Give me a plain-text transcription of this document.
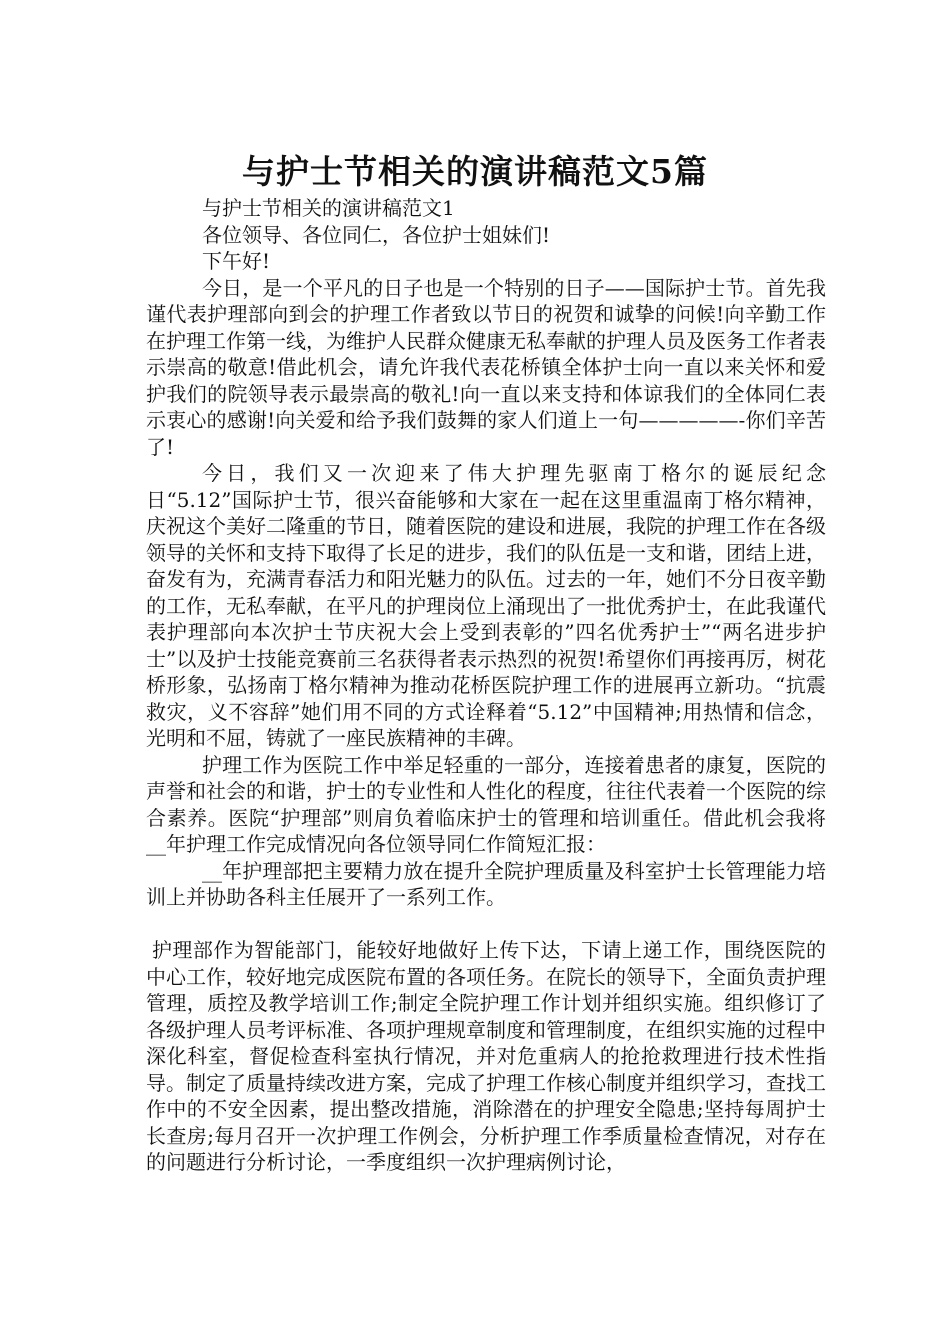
与护士节相关的演讲稿范文5篇

与护士节相关的演讲稿范文1

各位领导、各位同仁，各位护士姐妹们!

下午好!

今日，是一个平凡的日子也是一个特别的日子——国际护士节。首先我谨代表护理部向到会的护理工作者致以节日的祝贺和诚挚的问候!向辛勤工作在护理工作第一线，为维护人民群众健康无私奉献的护理人员及医务工作者表示崇高的敬意!借此机会，请允许我代表花桥镇全体护士向一直以来关怀和爱护我们的院领导表示最崇高的敬礼!向一直以来支持和体谅我们的全体同仁表示衷心的感谢!向关爱和给予我们鼓舞的家人们道上一句—————-你们辛苦了!

今日，我们又一次迎来了伟大护理先驱南丁格尔的诞辰纪念日“5.12”国际护士节，很兴奋能够和大家在一起在这里重温南丁格尔精神，庆祝这个美好二隆重的节日，随着医院的建设和进展，我院的护理工作在各级领导的关怀和支持下取得了长足的进步，我们的队伍是一支和谐，团结上进，奋发有为，充满青春活力和阳光魅力的队伍。过去的一年，她们不分日夜辛勤的工作，无私奉献，在平凡的护理岗位上涌现出了一批优秀护士，在此我谨代表护理部向本次护士节庆祝大会上受到表彰的”四名优秀护士”“两名进步护士”以及护士技能竞赛前三名获得者表示热烈的祝贺!希望你们再接再厉，树花桥形象，弘扬南丁格尔精神为推动花桥医院护理工作的进展再立新功。“抗震救灾，义不容辞”她们用不同的方式诠释着“5.12”中国精神;用热情和信念，光明和不屈，铸就了一座民族精神的丰碑。

护理工作为医院工作中举足轻重的一部分，连接着患者的康复，医院的声誉和社会的和谐，护士的专业性和人性化的程度，往往代表着一个医院的综合素养。医院“护理部”则肩负着临床护士的管理和培训重任。借此机会我将__年护理工作完成情况向各位领导同仁作简短汇报：

__年护理部把主要精力放在提升全院护理质量及科室护士长管理能力培训上并协助各科主任展开了一系列工作。

护理部作为智能部门，能较好地做好上传下达，下请上递工作，围绕医院的中心工作，较好地完成医院布置的各项任务。在院长的领导下，全面负责护理管理，质控及教学培训工作;制定全院护理工作计划并组织实施。组织修订了各级护理人员考评标准、各项护理规章制度和管理制度，在组织实施的过程中深化科室，督促检查科室执行情况，并对危重病人的抢抢救理进行技术性指导。制定了质量持续改进方案，完成了护理工作核心制度并组织学习，查找工作中的不安全因素，提出整改措施，消除潜在的护理安全隐患;坚持每周护士长查房;每月召开一次护理工作例会，分析护理工作季质量检查情况，对存在的问题进行分析讨论，一季度组织一次护理病例讨论，
